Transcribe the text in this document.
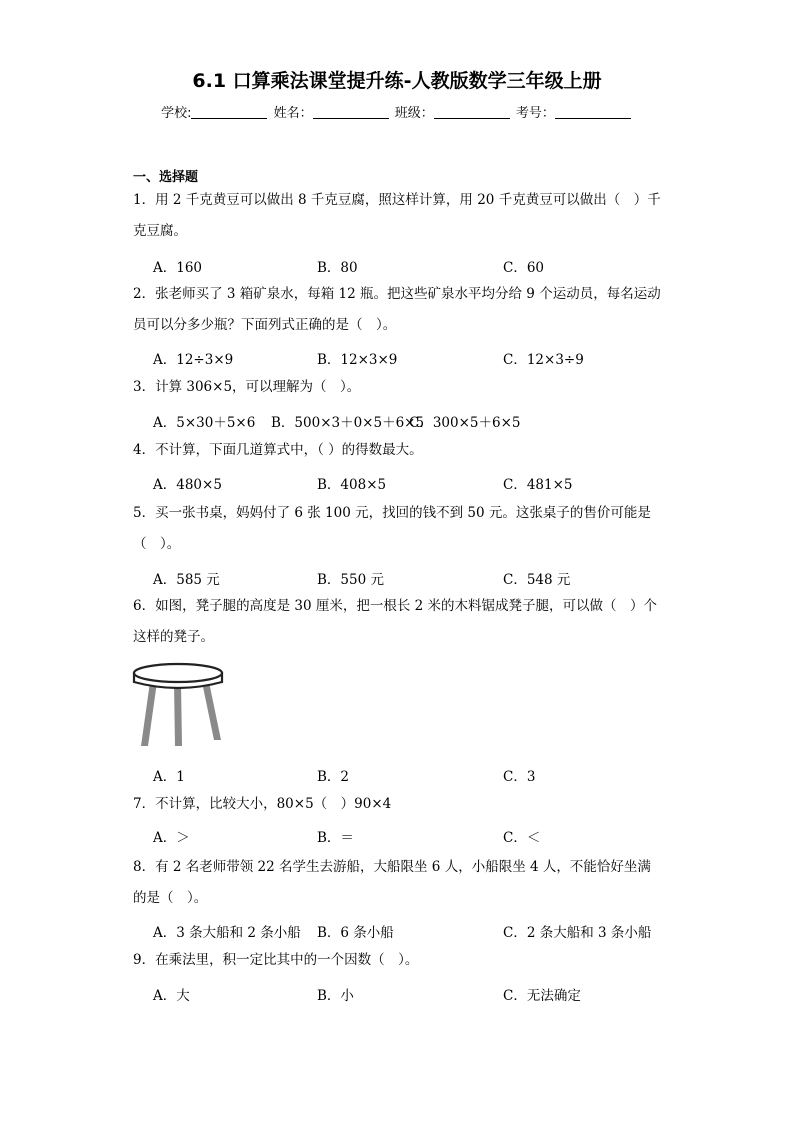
6.1 口算乘法课堂提升练-人教版数学三年级上册
学校:	姓名：	班级：	考号：
一、选择题
1．用 2 千克黄豆可以做出 8 千克豆腐，照这样计算，用 20 千克黄豆可以做出（　）千克豆腐。
A．160	B．80	C．60
2．张老师买了 3 箱矿泉水，每箱 12 瓶。把这些矿泉水平均分给 9 个运动员，每名运动员可以分多少瓶？下面列式正确的是（　）。
A．12÷3×9	B．12×3×9	C．12×3÷9
3．计算 306×5，可以理解为（　）。
A．5×30＋5×6 B．500×3＋0×5＋6×5
C．300×5＋6×5
4．不计算，下面几道算式中，（ ）的得数最大。
A．480×5	B．408×5	C．481×5
5．买一张书桌，妈妈付了 6 张 100 元，找回的钱不到 50 元。这张桌子的售价可能是（　）。
A．585 元	B．550 元	C．548 元
6．如图，凳子腿的高度是 30 厘米，把一根长 2 米的木料锯成凳子腿，可以做（　）个这样的凳子。
A．1	B．2	C．3
7．不计算，比较大小，80×5（　）90×4
A．＞	B．＝	C．＜
8．有 2 名老师带领 22 名学生去游船，大船限坐 6 人，小船限坐 4 人，不能恰好坐满的是（　）。
A．3 条大船和 2 条小船 B．6 条小船	C．2 条大船和 3 条小船
9．在乘法里，积一定比其中的一个因数（　）。
A．大	B．小	C．无法确定
